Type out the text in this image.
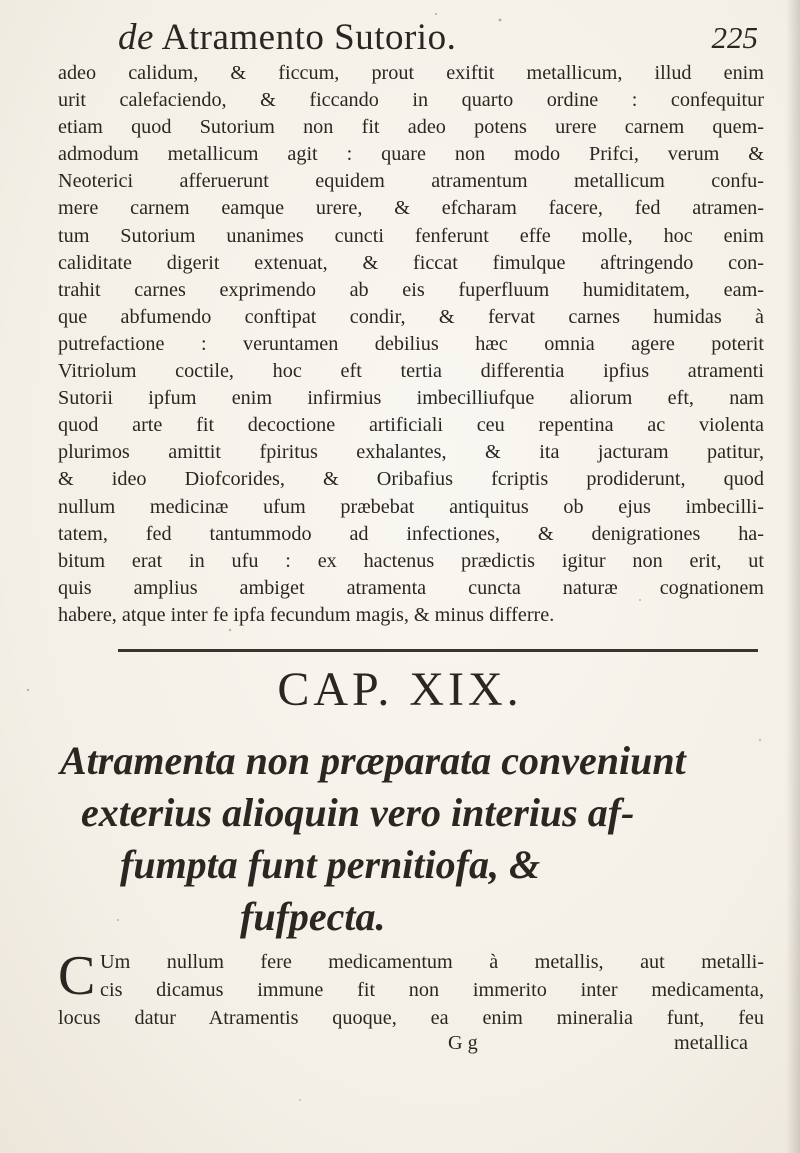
de Atramento Sutorio.	225
adeo calidum, & ficcum, prout exiftit metallicum, illud enim
urit calefaciendo, & ficcando in quarto ordine : confequitur
etiam quod Sutorium non fit adeo potens urere carnem quem-
admodum metallicum agit : quare non modo Prifci, verum &
Neoterici afferuerunt equidem atramentum metallicum confu-
mere carnem eamque urere, & efcharam facere, fed atramen-
tum Sutorium unanimes cuncti fenferunt effe molle, hoc enim
caliditate digerit extenuat, & ficcat fimulque aftringendo con-
trahit carnes exprimendo ab eis fuperfluum humiditatem, eam-
que abfumendo conftipat condir, & fervat carnes humidas à
putrefactione : veruntamen debilius hæc omnia agere poterit
Vitriolum coctile, hoc eft tertia differentia ipfius atramenti
Sutorii ipfum enim infirmius imbecilliufque aliorum eft, nam
quod arte fit decoctione artificiali ceu repentina ac violenta
plurimos amittit fpiritus exhalantes, & ita jacturam patitur,
& ideo Diofcorides, & Oribafius fcriptis prodiderunt, quod
nullum medicinæ ufum præbebat antiquitus ob ejus imbecilli-
tatem, fed tantummodo ad infectiones, & denigrationes ha-
bitum erat in ufu : ex hactenus prædictis igitur non erit, ut
quis amplius ambiget atramenta cuncta naturæ cognationem
habere, atque inter fe ipfa fecundum magis, & minus differre.
CAP. XIX.
Atramenta non præparata conveniunt
exterius alioquin vero interius af-
fumpta funt pernitiofa, &
fufpecta.
C Um nullum fere medicamentum à metallis, aut metalli-
cis dicamus immune fit non immerito inter medicamenta,
locus datur Atramentis quoque, ea enim mineralia funt, feu
G g	metallica
